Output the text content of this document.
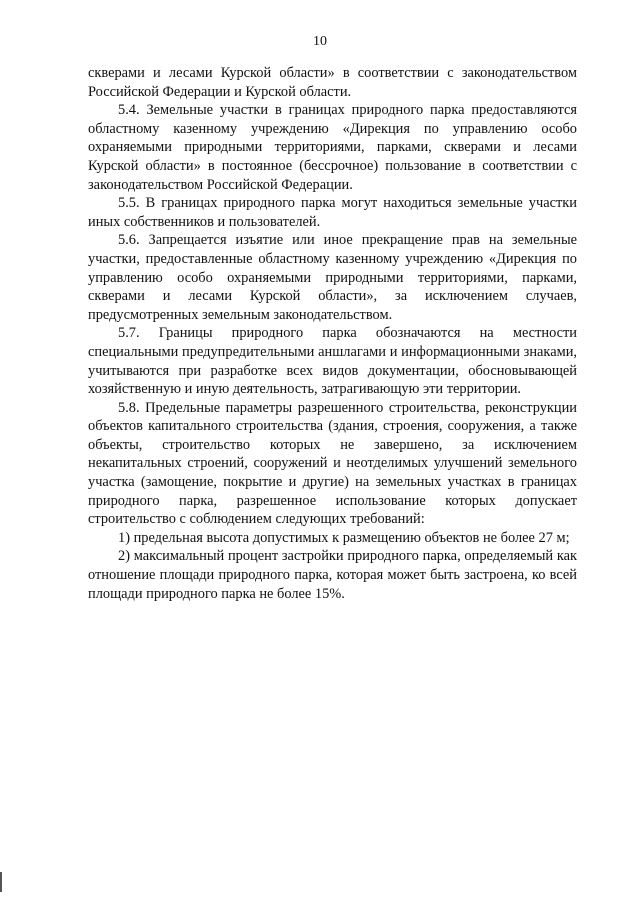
10

скверами и лесами Курской области» в соответствии с законодательством Российской Федерации и Курской области.

5.4. Земельные участки в границах природного парка предоставляются областному казенному учреждению «Дирекция по управлению особо охраняемыми природными территориями, парками, скверами и лесами Курской области» в постоянное (бессрочное) пользование в соответствии с законодательством Российской Федерации.

5.5. В границах природного парка могут находиться земельные участки иных собственников и пользователей.

5.6. Запрещается изъятие или иное прекращение прав на земельные участки, предоставленные областному казенному учреждению «Дирекция по управлению особо охраняемыми природными территориями, парками, скверами и лесами Курской области», за исключением случаев, предусмотренных земельным законодательством.

5.7. Границы природного парка обозначаются на местности специальными предупредительными аншлагами и информационными знаками, учитываются при разработке всех видов документации, обосновывающей хозяйственную и иную деятельность, затрагивающую эти территории.

5.8. Предельные параметры разрешенного строительства, реконструкции объектов капитального строительства (здания, строения, сооружения, а также объекты, строительство которых не завершено, за исключением некапитальных строений, сооружений и неотделимых улучшений земельного участка (замощение, покрытие и другие) на земельных участках в границах природного парка, разрешенное использование которых допускает строительство с соблюдением следующих требований:

1) предельная высота допустимых к размещению объектов не более 27 м;

2) максимальный процент застройки природного парка, определяемый как отношение площади природного парка, которая может быть застроена, ко всей площади природного парка не более 15%.
